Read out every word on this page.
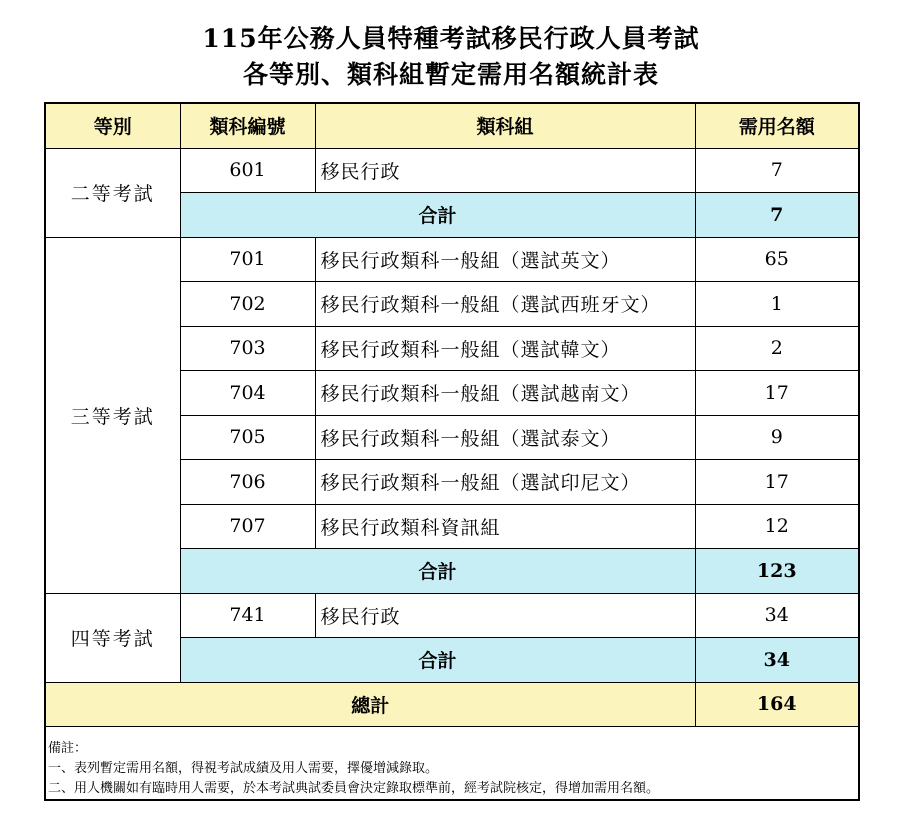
115年公務人員特種考試移民行政人員考試
各等別、類科組暫定需用名額統計表
等別	類科編號	類科組	需用名額
二等考試	601	移民行政	7
	合計		7
三等考試	701	移民行政類科一般組（選試英文）	65
	702	移民行政類科一般組（選試西班牙文）	1
	703	移民行政類科一般組（選試韓文）	2
	704	移民行政類科一般組（選試越南文）	17
	705	移民行政類科一般組（選試泰文）	9
	706	移民行政類科一般組（選試印尼文）	17
	707	移民行政類科資訊組	12
	合計		123
四等考試	741	移民行政	34
	合計		34
總計			164

備註：
一、表列暫定需用名額，得視考試成績及用人需要，擇優增減錄取。
二、用人機關如有臨時用人需要，於本考試典試委員會決定錄取標準前，經考試院核定，得增加需用名額。			
